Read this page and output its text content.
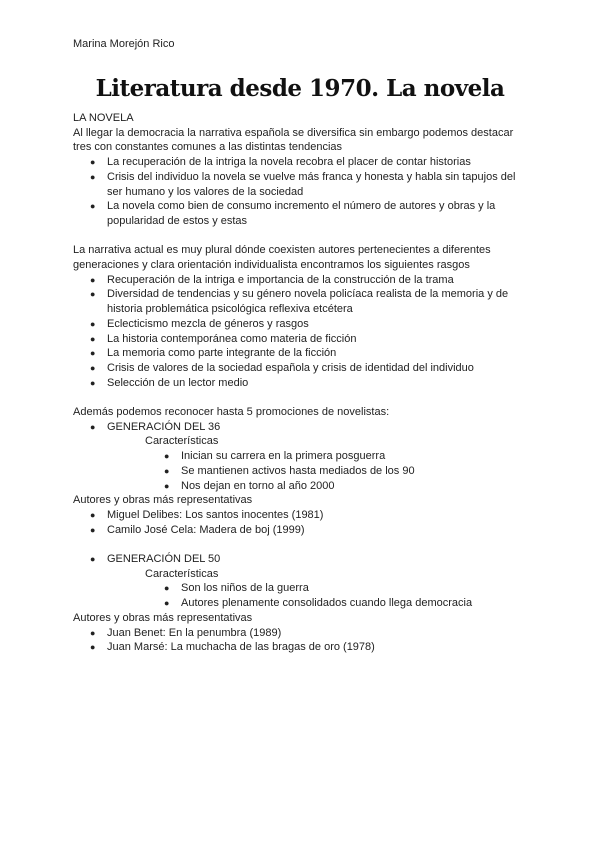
Marina Morejón Rico
Literatura desde 1970. La novela

LA NOVELA

Al llegar la democracia la narrativa española se diversifica sin embargo podemos destacar tres con constantes comunes a las distintas tendencias

● La recuperación de la intriga la novela recobra el placer de contar historias
● Crisis del individuo la novela se vuelve más franca y honesta y habla sin tapujos del ser humano y los valores de la sociedad
● La novela como bien de consumo incremento el número de autores y obras y la popularidad de estos y estas

La narrativa actual es muy plural dónde coexisten autores pertenecientes a diferentes generaciones y clara orientación individualista encontramos los siguientes rasgos

● Recuperación de la intriga e importancia de la construcción de la trama
● Diversidad de tendencias y su género novela policíaca realista de la memoria y de historia problemática psicológica reflexiva etcétera
● Eclecticismo mezcla de géneros y rasgos
● La historia contemporánea como materia de ficción
● La memoria como parte integrante de la ficción
● Crisis de valores de la sociedad española y crisis de identidad del individuo
● Selección de un lector medio

Además podemos reconocer hasta 5 promociones de novelistas:

● GENERACIÓN DEL 36
Características
● Inician su carrera en la primera posguerra
● Se mantienen activos hasta mediados de los 90
● Nos dejan en torno al año 2000

Autores y obras más representativas

● Miguel Delibes: Los santos inocentes (1981)
● Camilo José Cela: Madera de boj (1999)
● GENERACIÓN DEL 50
Características
● Son los niños de la guerra
● Autores plenamente consolidados cuando llega democracia

Autores y obras más representativas

● Juan Benet: En la penumbra (1989)
● Juan Marsé: La muchacha de las bragas de oro (1978)
